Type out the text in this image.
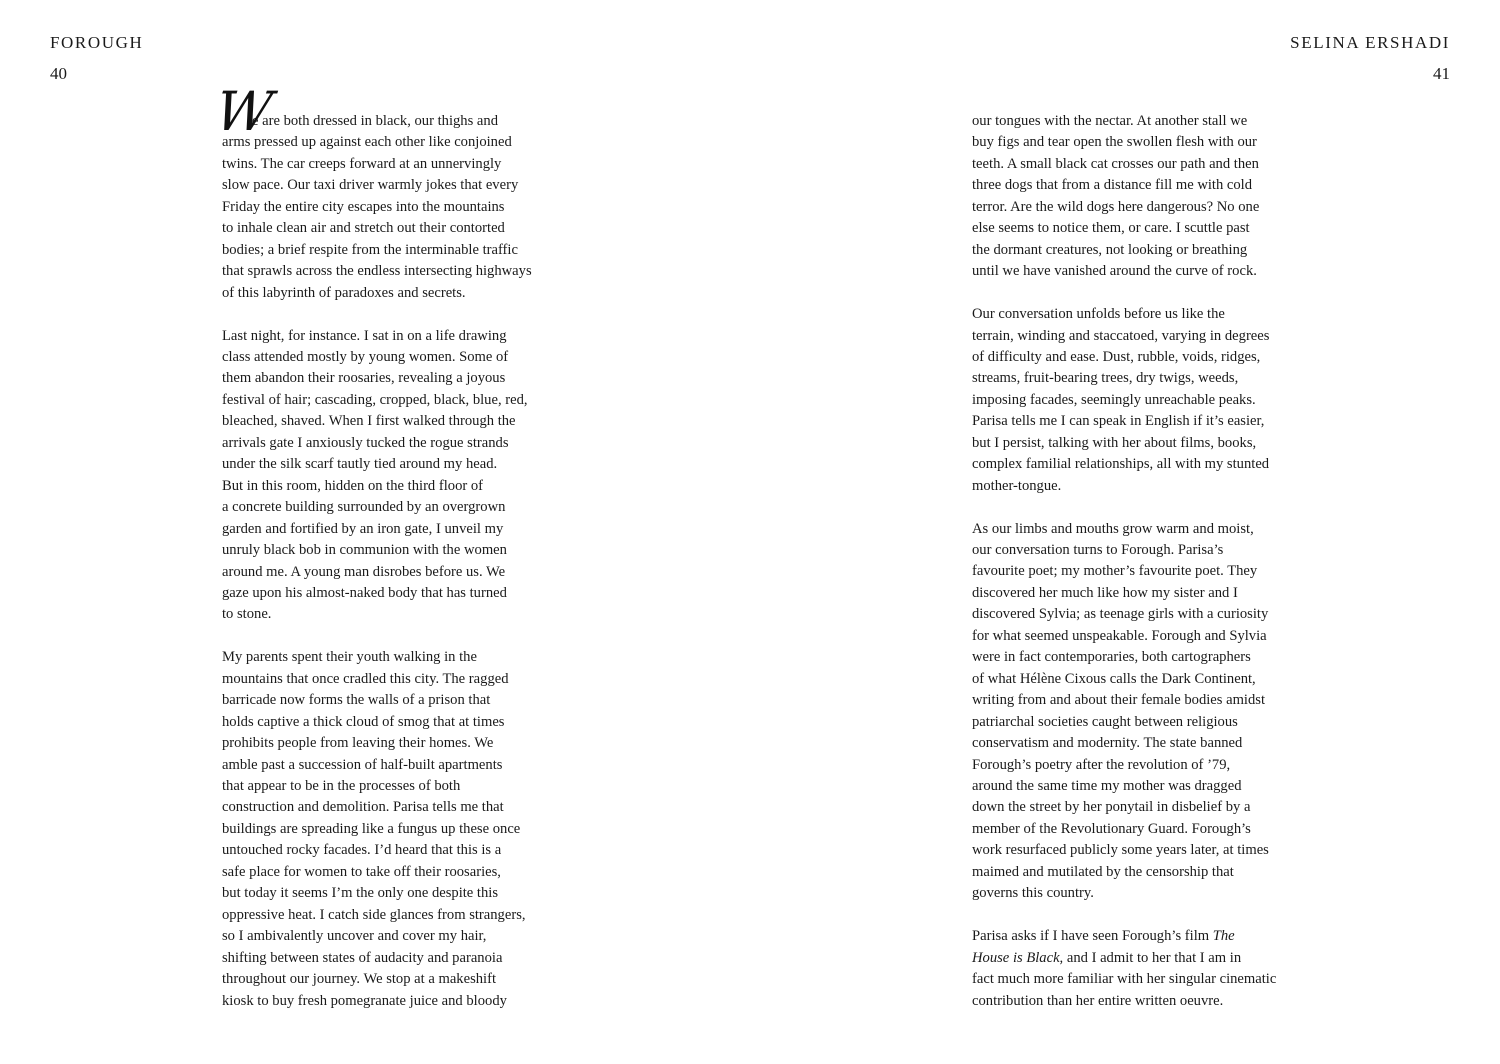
FOROUGH
40
SELINA ERSHADI
41
W

e are both dressed in black, our thighs and
arms pressed up against each other like conjoined
twins. The car creeps forward at an unnervingly
slow pace. Our taxi driver warmly jokes that every
Friday the entire city escapes into the mountains
to inhale clean air and stretch out their contorted
bodies; a brief respite from the interminable traffic
that sprawls across the endless intersecting highways
of this labyrinth of paradoxes and secrets.

Last night, for instance. I sat in on a life drawing
class attended mostly by young women. Some of
them abandon their roosaries, revealing a joyous
festival of hair; cascading, cropped, black, blue, red,
bleached, shaved. When I first walked through the
arrivals gate I anxiously tucked the rogue strands
under the silk scarf tautly tied around my head.
But in this room, hidden on the third floor of
a concrete building surrounded by an overgrown
garden and fortified by an iron gate, I unveil my
unruly black bob in communion with the women
around me. A young man disrobes before us. We
gaze upon his almost-naked body that has turned
to stone.

My parents spent their youth walking in the
mountains that once cradled this city. The ragged
barricade now forms the walls of a prison that
holds captive a thick cloud of smog that at times
prohibits people from leaving their homes. We
amble past a succession of half-built apartments
that appear to be in the processes of both
construction and demolition. Parisa tells me that
buildings are spreading like a fungus up these once
untouched rocky facades. I’d heard that this is a
safe place for women to take off their roosaries,
but today it seems I’m the only one despite this
oppressive heat. I catch side glances from strangers,
so I ambivalently uncover and cover my hair,
shifting between states of audacity and paranoia
throughout our journey. We stop at a makeshift
kiosk to buy fresh pomegranate juice and bloody

our tongues with the nectar. At another stall we
buy figs and tear open the swollen flesh with our
teeth. A small black cat crosses our path and then
three dogs that from a distance fill me with cold
terror. Are the wild dogs here dangerous? No one
else seems to notice them, or care. I scuttle past
the dormant creatures, not looking or breathing
until we have vanished around the curve of rock.

Our conversation unfolds before us like the
terrain, winding and staccatoed, varying in degrees
of difficulty and ease. Dust, rubble, voids, ridges,
streams, fruit-bearing trees, dry twigs, weeds,
imposing facades, seemingly unreachable peaks.
Parisa tells me I can speak in English if it’s easier,
but I persist, talking with her about films, books,
complex familial relationships, all with my stunted
mother-tongue.

As our limbs and mouths grow warm and moist,
our conversation turns to Forough. Parisa’s
favourite poet; my mother’s favourite poet. They
discovered her much like how my sister and I
discovered Sylvia; as teenage girls with a curiosity
for what seemed unspeakable. Forough and Sylvia
were in fact contemporaries, both cartographers
of what Hélène Cixous calls the Dark Continent,
writing from and about their female bodies amidst
patriarchal societies caught between religious
conservatism and modernity. The state banned
Forough’s poetry after the revolution of ’79,
around the same time my mother was dragged
down the street by her ponytail in disbelief by a
member of the Revolutionary Guard. Forough’s
work resurfaced publicly some years later, at times
maimed and mutilated by the censorship that
governs this country.

Parisa asks if I have seen Forough’s film The
House is Black, and I admit to her that I am in
fact much more familiar with her singular cinematic
contribution than her entire written oeuvre.
